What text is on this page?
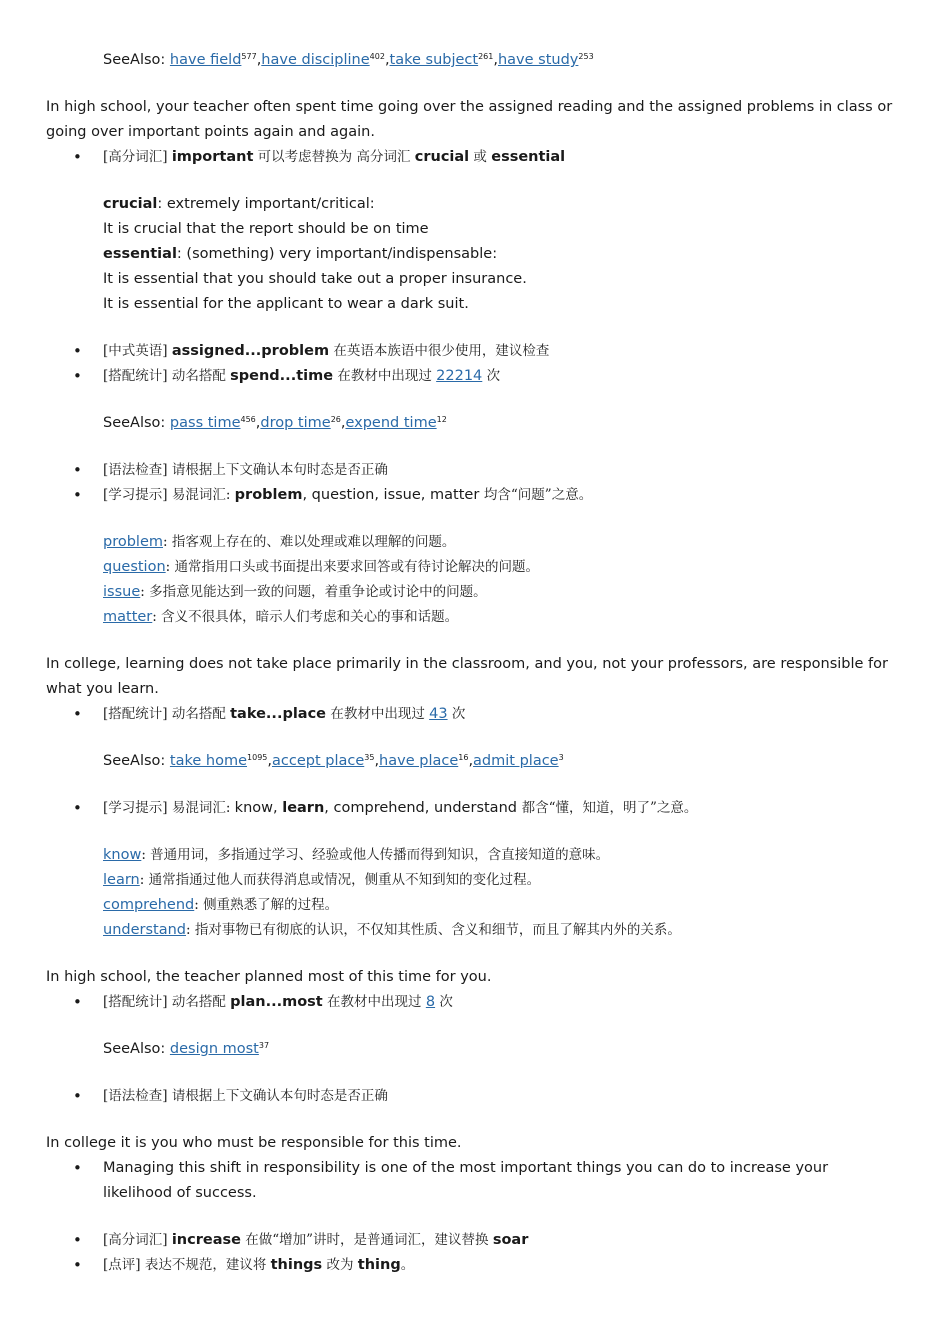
SeeAlso: have field$^{577}$,have discipline$^{402}$,take subject$^{261}$,have study$^{253}$

In high school, your teacher often spent time going over the assigned reading and the assigned problems in class or going over important points again and again.

• [高分词汇] important 可以考虑替换为 高分词汇 crucial 或 essential
crucial: extremely important/critical:
It is crucial that the report should be on time
essential: (something) very important/indispensable:
It is essential that you should take out a proper insurance.
It is essential for the applicant to wear a dark suit.
• [中式英语] assigned...problem 在英语本族语中很少使用，建议检查
• [搭配统计] 动名搭配 spend...time 在教材中出现过 22214 次
SeeAlso: pass time$^{456}$,drop time$^{26}$,expend time$^{12}$
• [语法检查] 请根据上下文确认本句时态是否正确
• [学习提示] 易混词汇: problem, question, issue, matter 均含“问题”之意。
problem: 指客观上存在的、难以处理或难以理解的问题。
question: 通常指用口头或书面提出来要求回答或有待讨论解决的问题。
issue: 多指意见能达到一致的问题，着重争论或讨论中的问题。
matter: 含义不很具体，暗示人们考虑和关心的事和话题。

In college, learning does not take place primarily in the classroom, and you, not your professors, are responsible for what you learn.

• [搭配统计] 动名搭配 take...place 在教材中出现过 43 次
SeeAlso: take home$^{1095}$,accept place$^{35}$,have place$^{16}$,admit place$^3$
• [学习提示] 易混词汇: know, learn, comprehend, understand 都含“懂，知道，明了”之意。
know: 普通用词，多指通过学习、经验或他人传播而得到知识，含直接知道的意味。
learn: 通常指通过他人而获得消息或情况，侧重从不知到知的变化过程。
comprehend: 侧重熟悉了解的过程。
understand: 指对事物已有彻底的认识，不仅知其性质、含义和细节，而且了解其内外的关系。

In high school, the teacher planned most of this time for you.

• [搭配统计] 动名搭配 plan...most 在教材中出现过 8 次
SeeAlso: design most$^{37}$
• [语法检查] 请根据上下文确认本句时态是否正确

In college it is you who must be responsible for this time.

• Managing this shift in responsibility is one of the most important things you can do to increase your likelihood of success.
• [高分词汇] increase 在做“增加”讲时，是普通词汇，建议替换 soar
• [点评] 表达不规范，建议将 things 改为 thing。
